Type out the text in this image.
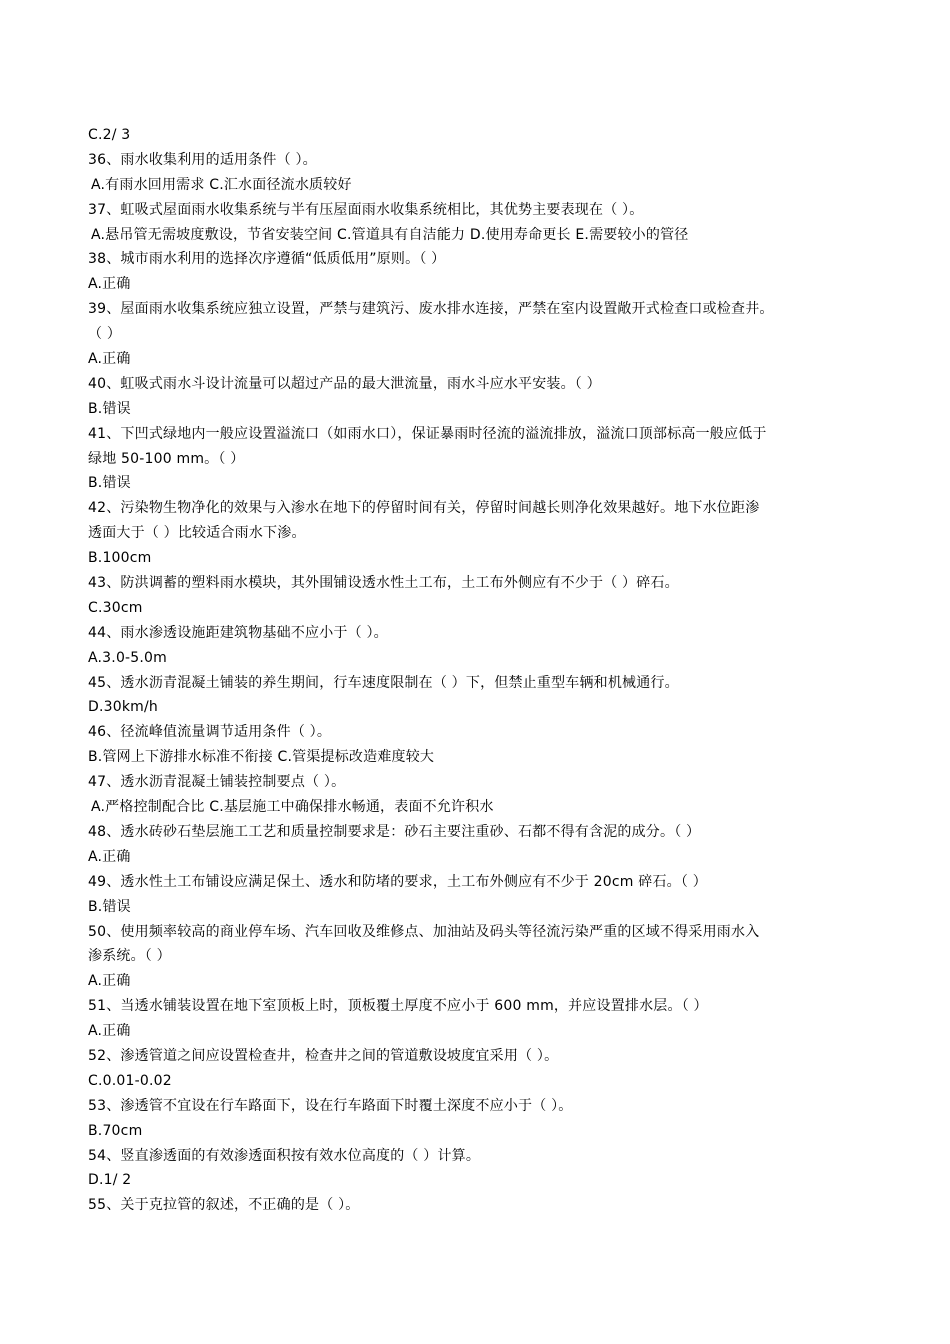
C.2/ 3
36、雨水收集利用的适用条件（ ）。
A.有雨水回用需求 C.汇水面径流水质较好
37、虹吸式屋面雨水收集系统与半有压屋面雨水收集系统相比，其优势主要表现在（ ）。
A.悬吊管无需坡度敷设，节省安装空间 C.管道具有自洁能力 D.使用寿命更长 E.需要较小的管径
38、城市雨水利用的选择次序遵循“低质低用”原则。（ ）
A.正确
39、屋面雨水收集系统应独立设置，严禁与建筑污、废水排水连接，严禁在室内设置敞开式检查口或检查井。
（ ）
A.正确
40、虹吸式雨水斗设计流量可以超过产品的最大泄流量，雨水斗应水平安装。（ ）
B.错误
41、下凹式绿地内一般应设置溢流口（如雨水口），保证暴雨时径流的溢流排放，溢流口顶部标高一般应低于
绿地 50-100 mm。（ ）
B.错误
42、污染物生物净化的效果与入渗水在地下的停留时间有关，停留时间越长则净化效果越好。地下水位距渗
透面大于（ ）比较适合雨水下渗。
B.100cm
43、防洪调蓄的塑料雨水模块，其外围铺设透水性土工布，土工布外侧应有不少于（ ）碎石。
C.30cm
44、雨水渗透设施距建筑物基础不应小于（ ）。
A.3.0-5.0m
45、透水沥青混凝土铺装的养生期间，行车速度限制在（ ）下，但禁止重型车辆和机械通行。
D.30km/h
46、径流峰值流量调节适用条件（ ）。
B.管网上下游排水标准不衔接 C.管渠提标改造难度较大
47、透水沥青混凝土铺装控制要点（ ）。
A.严格控制配合比 C.基层施工中确保排水畅通，表面不允许积水
48、透水砖砂石垫层施工工艺和质量控制要求是：砂石主要注重砂、石都不得有含泥的成分。（ ）
A.正确
49、透水性土工布铺设应满足保土、透水和防堵的要求，土工布外侧应有不少于 20cm 碎石。（ ）
B.错误
50、使用频率较高的商业停车场、汽车回收及维修点、加油站及码头等径流污染严重的区域不得采用雨水入
渗系统。（ ）
A.正确
51、当透水铺装设置在地下室顶板上时，顶板覆土厚度不应小于 600 mm，并应设置排水层。（ ）
A.正确
52、渗透管道之间应设置检查井，检查井之间的管道敷设坡度宜采用（ ）。
C.0.01-0.02
53、渗透管不宜设在行车路面下，设在行车路面下时覆土深度不应小于（ ）。
B.70cm
54、竖直渗透面的有效渗透面积按有效水位高度的（ ）计算。
D.1/ 2
55、关于克拉管的叙述，不正确的是（ ）。
